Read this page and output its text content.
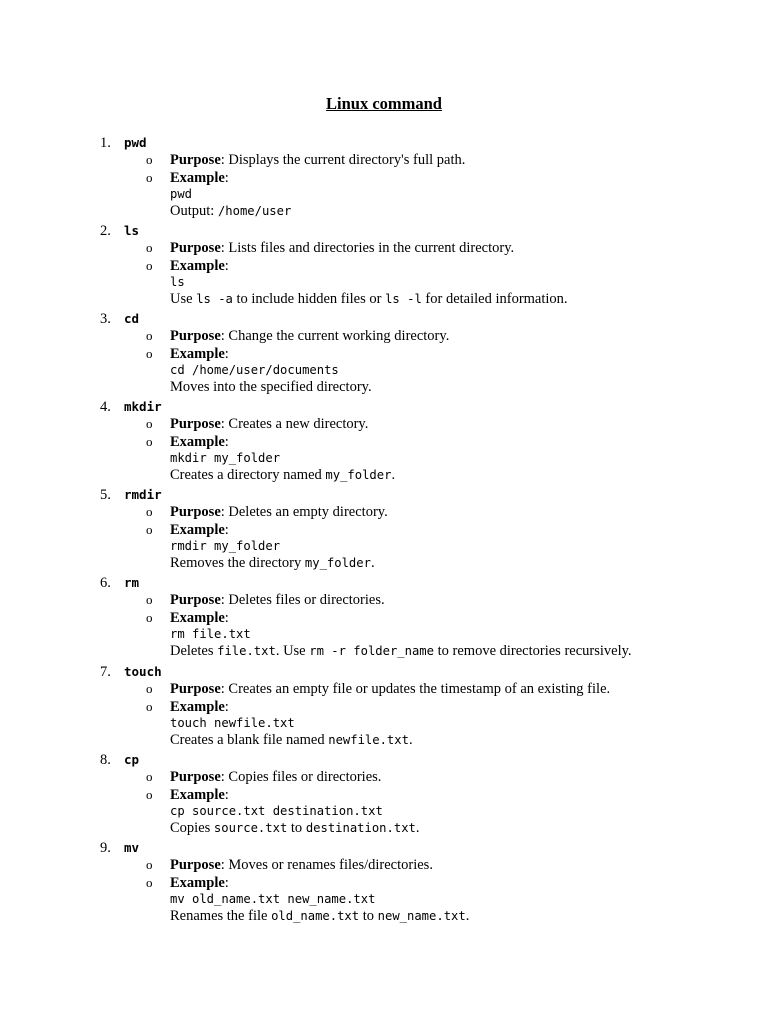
Linux command
1.	pwd
o
o
Purpose: Displays the current directory's full path.
Example:
pwd
Output: /home/user
2.	ls
o
o
Purpose: Lists files and directories in the current directory.
Example:
ls
Use ls -a to include hidden files or ls -l for detailed information.
3.	cd
o
o
Purpose: Change the current working directory.
Example:
cd /home/user/documents
Moves into the specified directory.
4.	mkdir
o
o
Purpose: Creates a new directory.
Example:
mkdir my_folder
Creates a directory named my_folder.
5.	rmdir
o
o
Purpose: Deletes an empty directory.
Example:
rmdir my_folder
Removes the directory my_folder.
6.	rm
o
o
Purpose: Deletes files or directories.
Example:
rm file.txt
Deletes file.txt. Use rm -r folder_name to remove directories recursively.
7.	touch
o
o
Purpose: Creates an empty file or updates the timestamp of an existing file.
Example:
touch newfile.txt
Creates a blank file named newfile.txt.
8.	cp
o
o
Purpose: Copies files or directories.
Example:
cp source.txt destination.txt
Copies source.txt to destination.txt.
9.	mv
o
o
Purpose: Moves or renames files/directories.
Example:
mv old_name.txt new_name.txt
Renames the file old_name.txt to new_name.txt.
